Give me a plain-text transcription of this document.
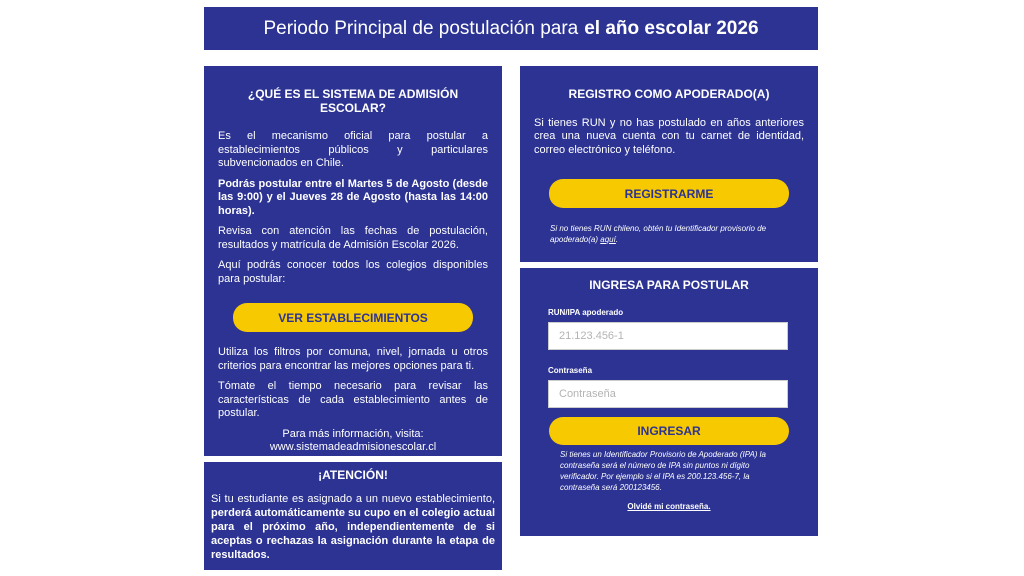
Periodo Principal de postulación para el año escolar 2026
¿QUÉ ES EL SISTEMA DE ADMISIÓN ESCOLAR?

Es el mecanismo oficial para postular a establecimientos públicos y particulares subvencionados en Chile.

Podrás postular entre el Martes 5 de Agosto (desde las 9:00) y el Jueves 28 de Agosto (hasta las 14:00 horas).

Revisa con atención las fechas de postulación, resultados y matrícula de Admisión Escolar 2026.

Aquí podrás conocer todos los colegios disponibles para postular:

VER ESTABLECIMIENTOS

Utiliza los filtros por comuna, nivel, jornada u otros criterios para encontrar las mejores opciones para ti.

Tómate el tiempo necesario para revisar las características de cada establecimiento antes de postular.

Para más información, visita:

www.sistemadeadmisionescolar.cl

¡ATENCIÓN!

Si tu estudiante es asignado a un nuevo establecimiento, perderá automáticamente su cupo en el colegio actual para el próximo año, independientemente de si aceptas o rechazas la asignación durante la etapa de resultados.

REGISTRO COMO APODERADO(A)

Si tienes RUN y no has postulado en años anteriores crea una nueva cuenta con tu carnet de identidad, correo electrónico y teléfono.

REGISTRARME

Si no tienes RUN chileno, obtén tu Identificador provisorio de apoderado(a) aquí.

INGRESA PARA POSTULAR
RUN/IPA apoderado
21.123.456-1
Contraseña
INGRESAR

Si tienes un Identificador Provisorio de Apoderado (IPA) la contraseña será el número de IPA sin puntos ni dígito verificador. Por ejemplo si el IPA es 200.123.456-7, la contraseña será 200123456.

Olvidé mi contraseña.
